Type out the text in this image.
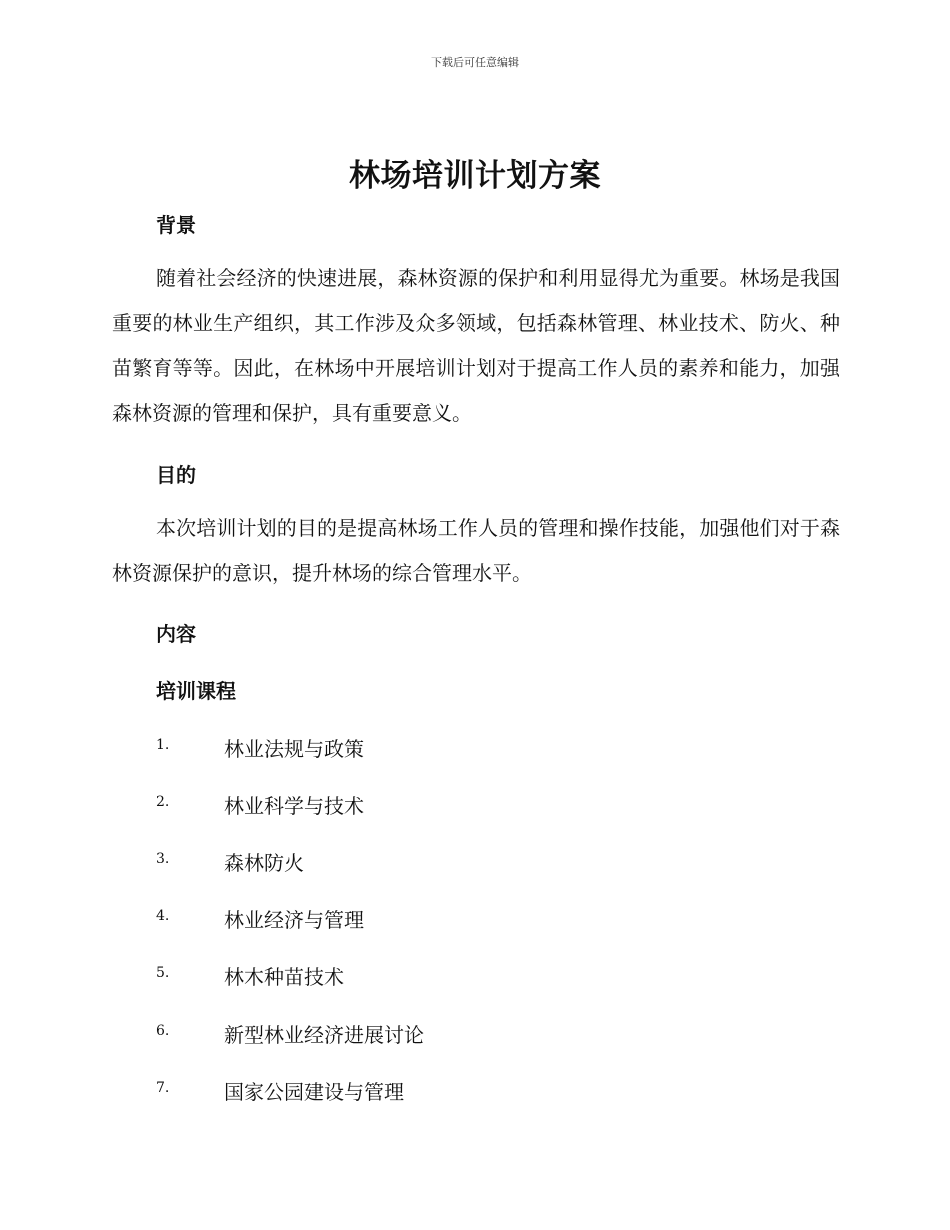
下载后可任意编辑
林场培训计划方案
背景
随着社会经济的快速进展，森林资源的保护和利用显得尤为重要。林场是我国重要的林业生产组织，其工作涉及众多领域，包括森林管理、林业技术、防火、种苗繁育等等。因此，在林场中开展培训计划对于提高工作人员的素养和能力，加强森林资源的管理和保护，具有重要意义。
目的
本次培训计划的目的是提高林场工作人员的管理和操作技能，加强他们对于森林资源保护的意识，提升林场的综合管理水平。
内容
培训课程
1.	林业法规与政策
2.	林业科学与技术
3.	森林防火
4.	林业经济与管理
5.	林木种苗技术
6.	新型林业经济进展讨论
7.	国家公园建设与管理
